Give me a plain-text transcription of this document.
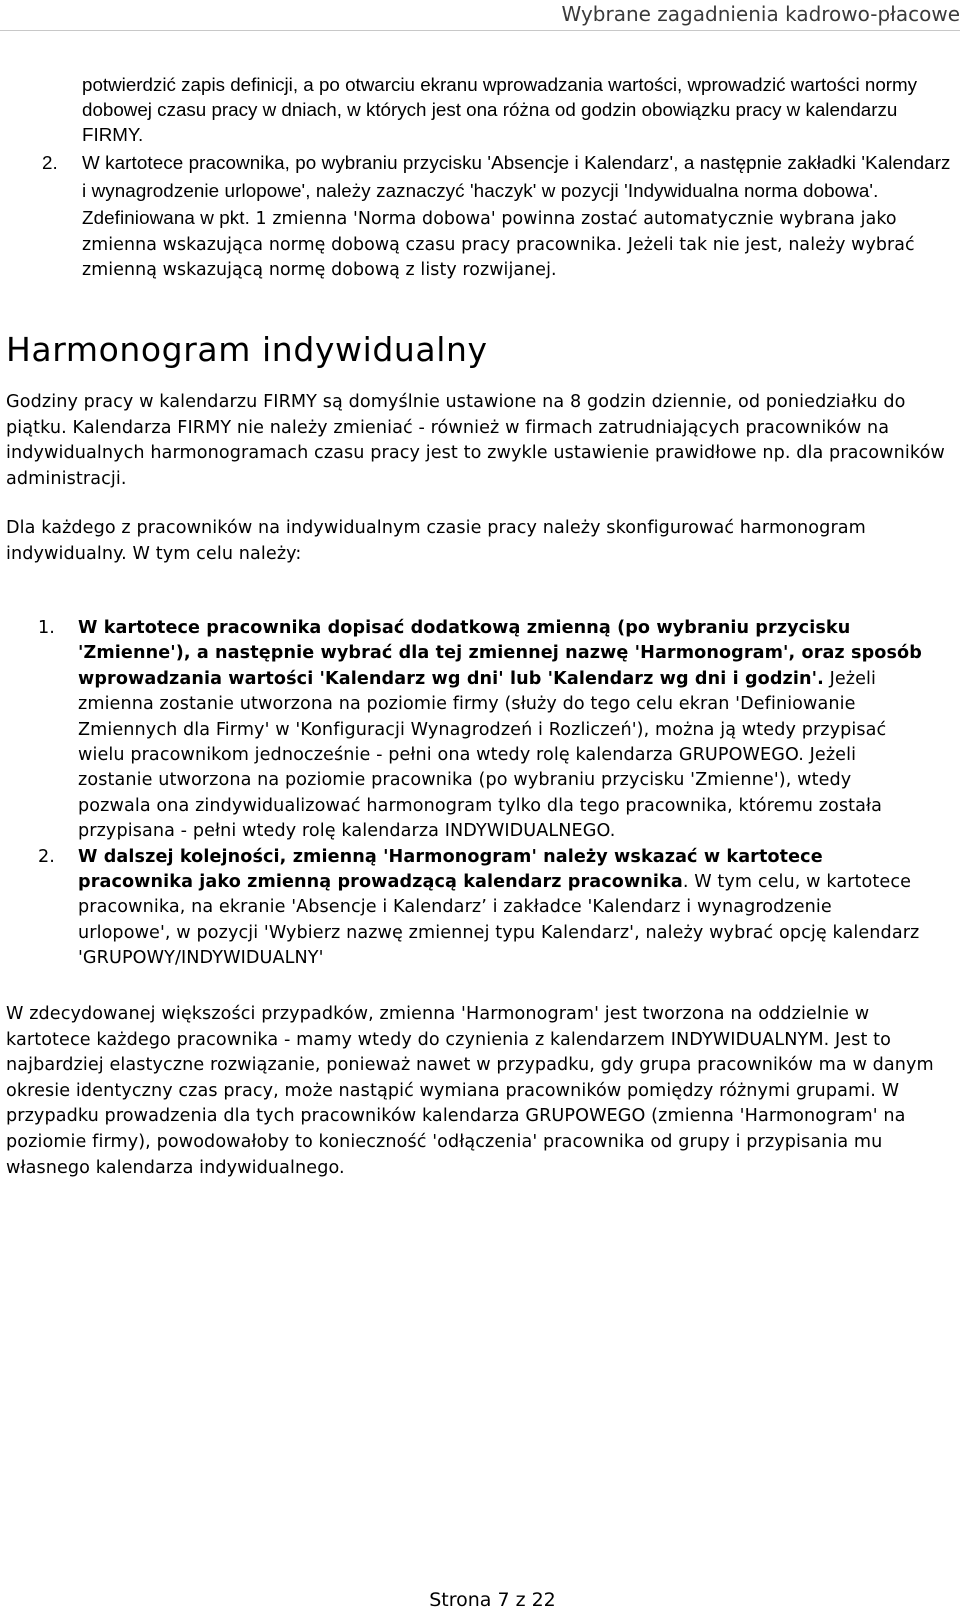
Wybrane zagadnienia kadrowo-płacowe

potwierdzić zapis definicji, a po otwarciu ekranu wprowadzania wartości, wprowadzić wartości normy dobowej czasu pracy w dniach, w których jest ona różna od godzin obowiązku pracy w kalendarzu FIRMY.

2. W kartotece pracownika, po wybraniu przycisku 'Absencje i Kalendarz', a następnie zakładki 'Kalendarz i wynagrodzenie urlopowe', należy zaznaczyć 'haczyk' w pozycji 'Indywidualna norma dobowa'. Zdefiniowana w pkt. 1 zmienna 'Norma dobowa' powinna zostać automatycznie wybrana jako zmienna wskazująca normę dobową czasu pracy pracownika. Jeżeli tak nie jest, należy wybrać zmienną wskazującą normę dobową z listy rozwijanej.
Harmonogram indywidualny

Godziny pracy w kalendarzu FIRMY są domyślnie ustawione na 8 godzin dziennie, od poniedziałku do piątku. Kalendarza FIRMY nie należy zmieniać - również w firmach zatrudniających pracowników na indywidualnych harmonogramach czasu pracy jest to zwykle ustawienie prawidłowe np. dla pracowników administracji.

Dla każdego z pracowników na indywidualnym czasie pracy należy skonfigurować harmonogram indywidualny. W tym celu należy:

1. W kartotece pracownika dopisać dodatkową zmienną (po wybraniu przycisku 'Zmienne'), a następnie wybrać dla tej zmiennej nazwę 'Harmonogram', oraz sposób wprowadzania wartości 'Kalendarz wg dni' lub 'Kalendarz wg dni i godzin'. Jeżeli zmienna zostanie utworzona na poziomie firmy (służy do tego celu ekran 'Definiowanie Zmiennych dla Firmy' w 'Konfiguracji Wynagrodzeń i Rozliczeń'), można ją wtedy przypisać wielu pracownikom jednocześnie - pełni ona wtedy rolę kalendarza GRUPOWEGO. Jeżeli zostanie utworzona na poziomie pracownika (po wybraniu przycisku 'Zmienne'), wtedy pozwala ona zindywidualizować harmonogram tylko dla tego pracownika, któremu została przypisana - pełni wtedy rolę kalendarza INDYWIDUALNEGO.
2. W dalszej kolejności, zmienną 'Harmonogram' należy wskazać w kartotece pracownika jako zmienną prowadzącą kalendarz pracownika. W tym celu, w kartotece pracownika, na ekranie 'Absencje i Kalendarz’ i zakładce 'Kalendarz i wynagrodzenie urlopowe', w pozycji 'Wybierz nazwę zmiennej typu Kalendarz', należy wybrać opcję kalendarz 'GRUPOWY/INDYWIDUALNY'

W zdecydowanej większości przypadków, zmienna 'Harmonogram' jest tworzona na oddzielnie w kartotece każdego pracownika - mamy wtedy do czynienia z kalendarzem INDYWIDUALNYM. Jest to najbardziej elastyczne rozwiązanie, ponieważ nawet w przypadku, gdy grupa pracowników ma w danym okresie identyczny czas pracy, może nastąpić wymiana pracowników pomiędzy różnymi grupami. W przypadku prowadzenia dla tych pracowników kalendarza GRUPOWEGO (zmienna 'Harmonogram' na poziomie firmy), powodowałoby to konieczność 'odłączenia' pracownika od grupy i przypisania mu własnego kalendarza indywidualnego.

Strona 7 z 22
